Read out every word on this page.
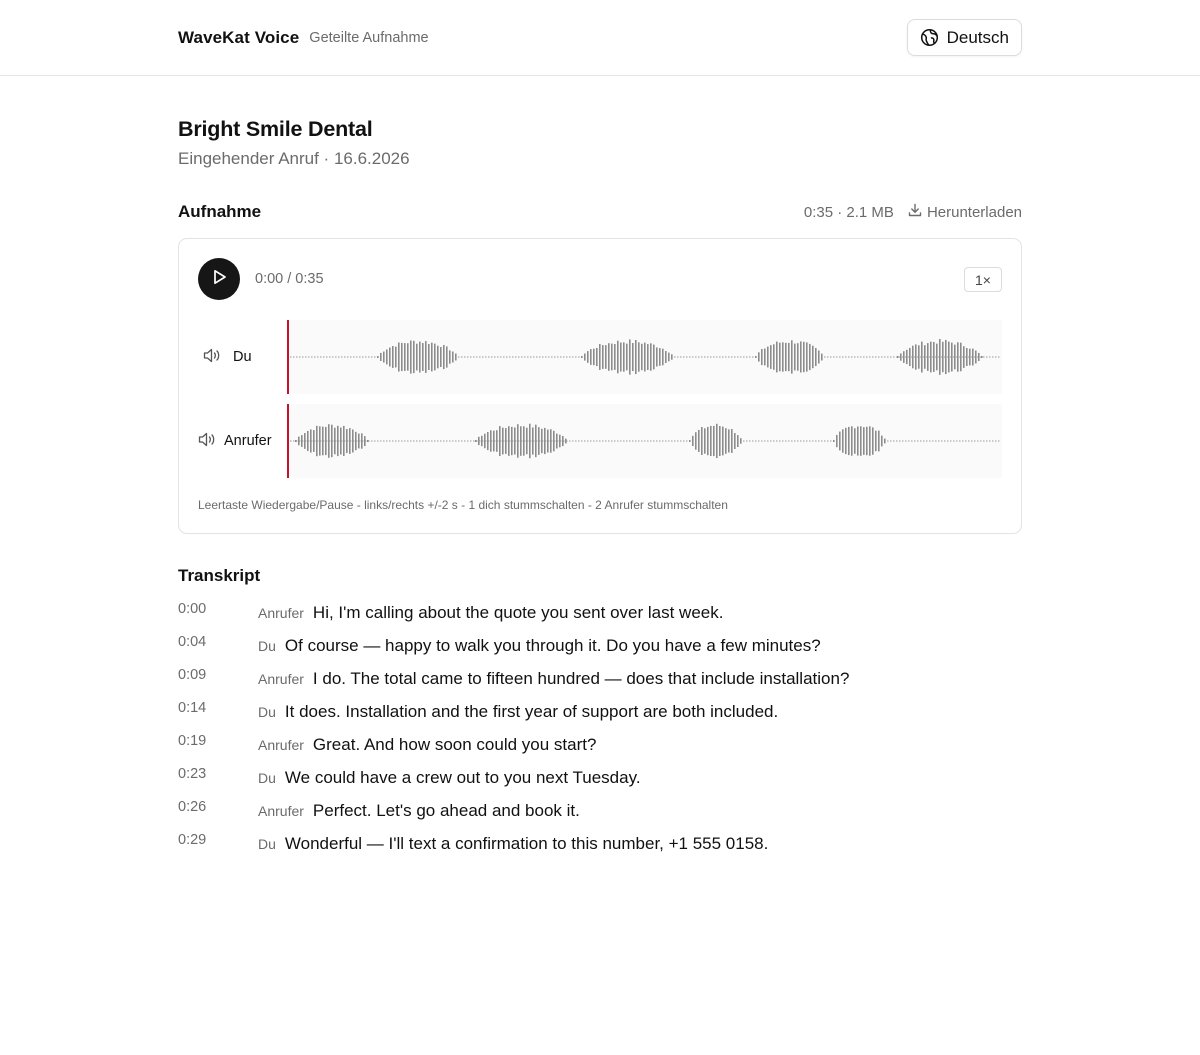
WaveKat Voice Geteilte Aufnahme	Deutsch
Bright Smile Dental
Eingehender Anruf · 16.6.2026
Aufnahme	0:35 · 2.1 MB Herunterladen
0:00 / 0:35	1×
Du
Anrufer
Leertaste Wiedergabe/Pause - links/rechts +/-2 s - 1 dich stummschalten - 2 Anrufer stummschalten
Transkript
0:00	Anrufer Hi, I'm calling about the quote you sent over last week.
0:04	Du Of course — happy to walk you through it. Do you have a few minutes?
0:09	Anrufer I do. The total came to fifteen hundred — does that include installation?
0:14	Du It does. Installation and the first year of support are both included.
0:19	Anrufer Great. And how soon could you start?
0:23	Du We could have a crew out to you next Tuesday.
0:26	Anrufer Perfect. Let's go ahead and book it.
0:29	Du Wonderful — I'll text a confirmation to this number, +1 555 0158.
